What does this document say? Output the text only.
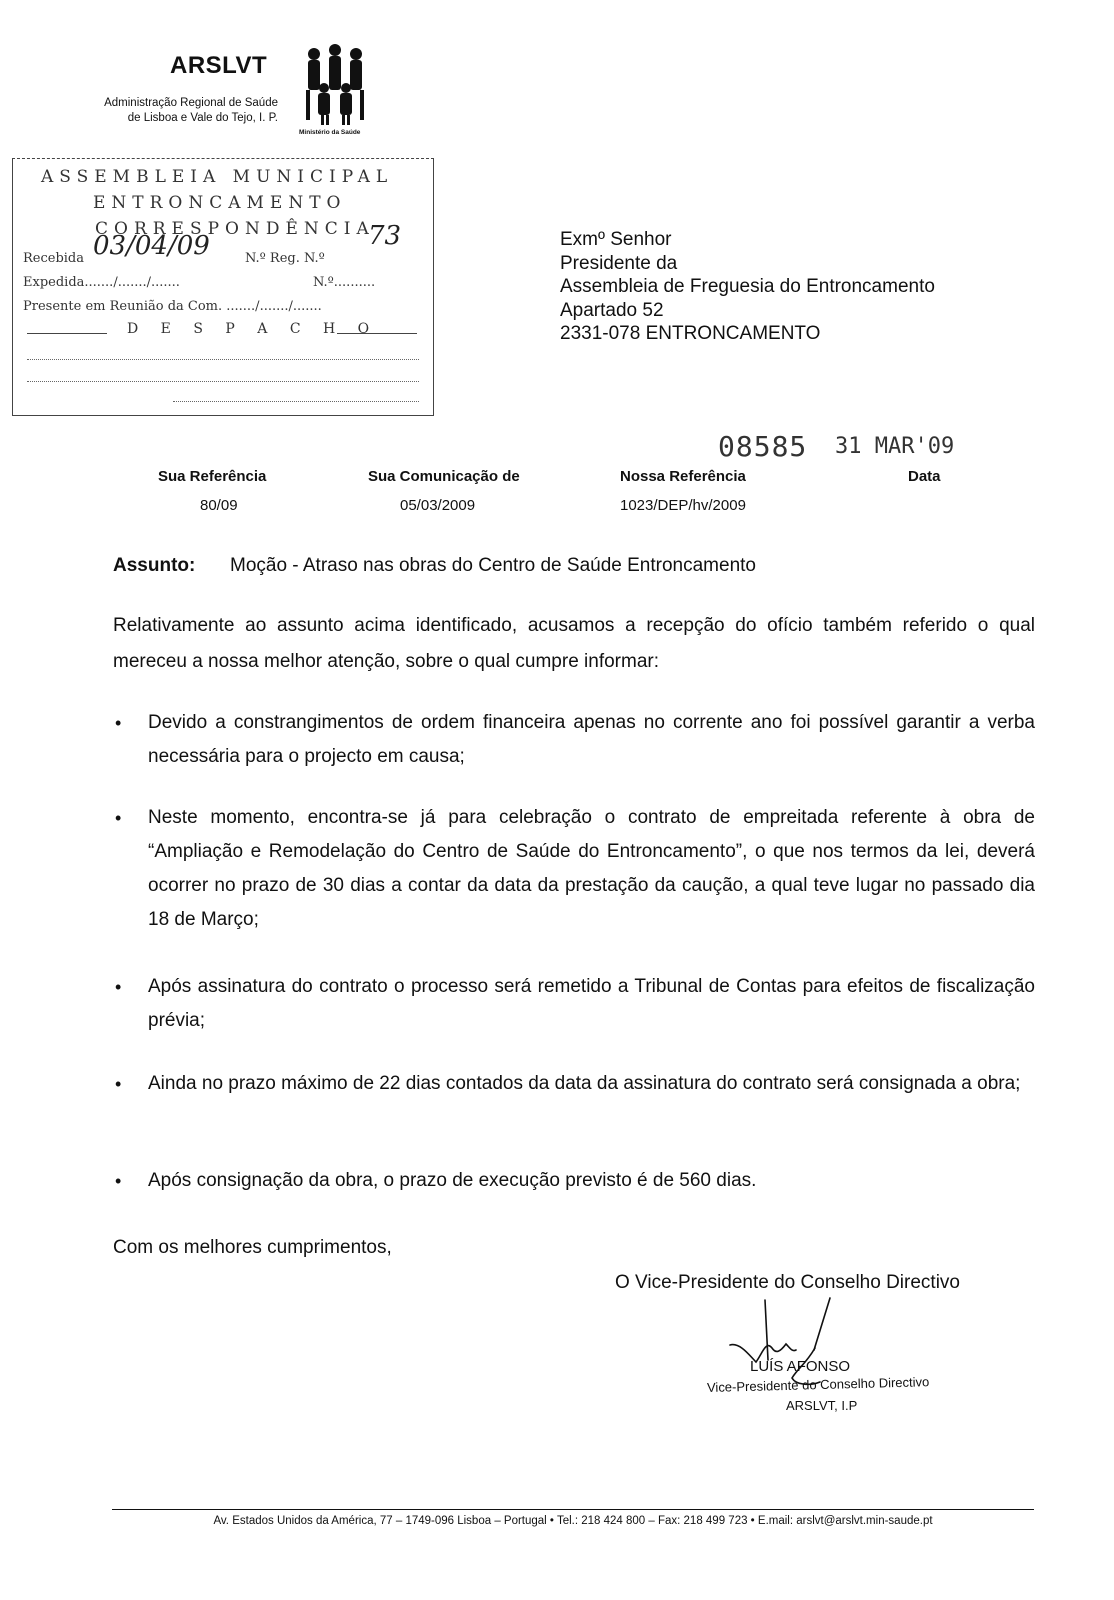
ARSLVT
Administração Regional de Saúde
de Lisboa e Vale do Tejo, I. P.
Ministério da Saúde
ASSEMBLEIA MUNICIPAL
ENTRONCAMENTO
CORRESPONDÊNCIA
Recebida 03/04/09	N.º Reg. N.º
73
Expedida......./......./.......	N.º..........
Presente em Reunião da Com. ......./......./.......
D E S P A C H O
Exmº Senhor
Presidente da
Assembleia de Freguesia do Entroncamento
Apartado 52
2331-078 ENTRONCAMENTO
08585 31 MAR'09
Sua Referência	Sua Comunicação de	Nossa Referência	Data
80/09	05/03/2009	1023/DEP/hv/2009
Assunto: Moção - Atraso nas obras do Centro de Saúde Entroncamento
Relativamente ao assunto acima identificado, acusamos a recepção do ofício também referido o qual mereceu a nossa melhor atenção, sobre o qual cumpre informar:
• Devido a constrangimentos de ordem financeira apenas no corrente ano foi possível garantir a verba necessária para o projecto em causa;
• Neste momento, encontra-se já para celebração o contrato de empreitada referente à obra de “Ampliação e Remodelação do Centro de Saúde do Entroncamento”, o que nos termos da lei, deverá ocorrer no prazo de 30 dias a contar da data da prestação da caução, a qual teve lugar no passado dia 18 de Março;
• Após assinatura do contrato o processo será remetido a Tribunal de Contas para efeitos de fiscalização prévia;
• Ainda no prazo máximo de 22 dias contados da data da assinatura do contrato será consignada a obra;
• Após consignação da obra, o prazo de execução previsto é de 560 dias.
Com os melhores cumprimentos,
O Vice-Presidente do Conselho Directivo
LUÍS AFONSO
Vice-Presidente do Conselho Directivo
ARSLVT, I.P
Av. Estados Unidos da América, 77 – 1749-096 Lisboa – Portugal • Tel.: 218 424 800 – Fax: 218 499 723 • E.mail: arslvt@arslvt.min-saude.pt
